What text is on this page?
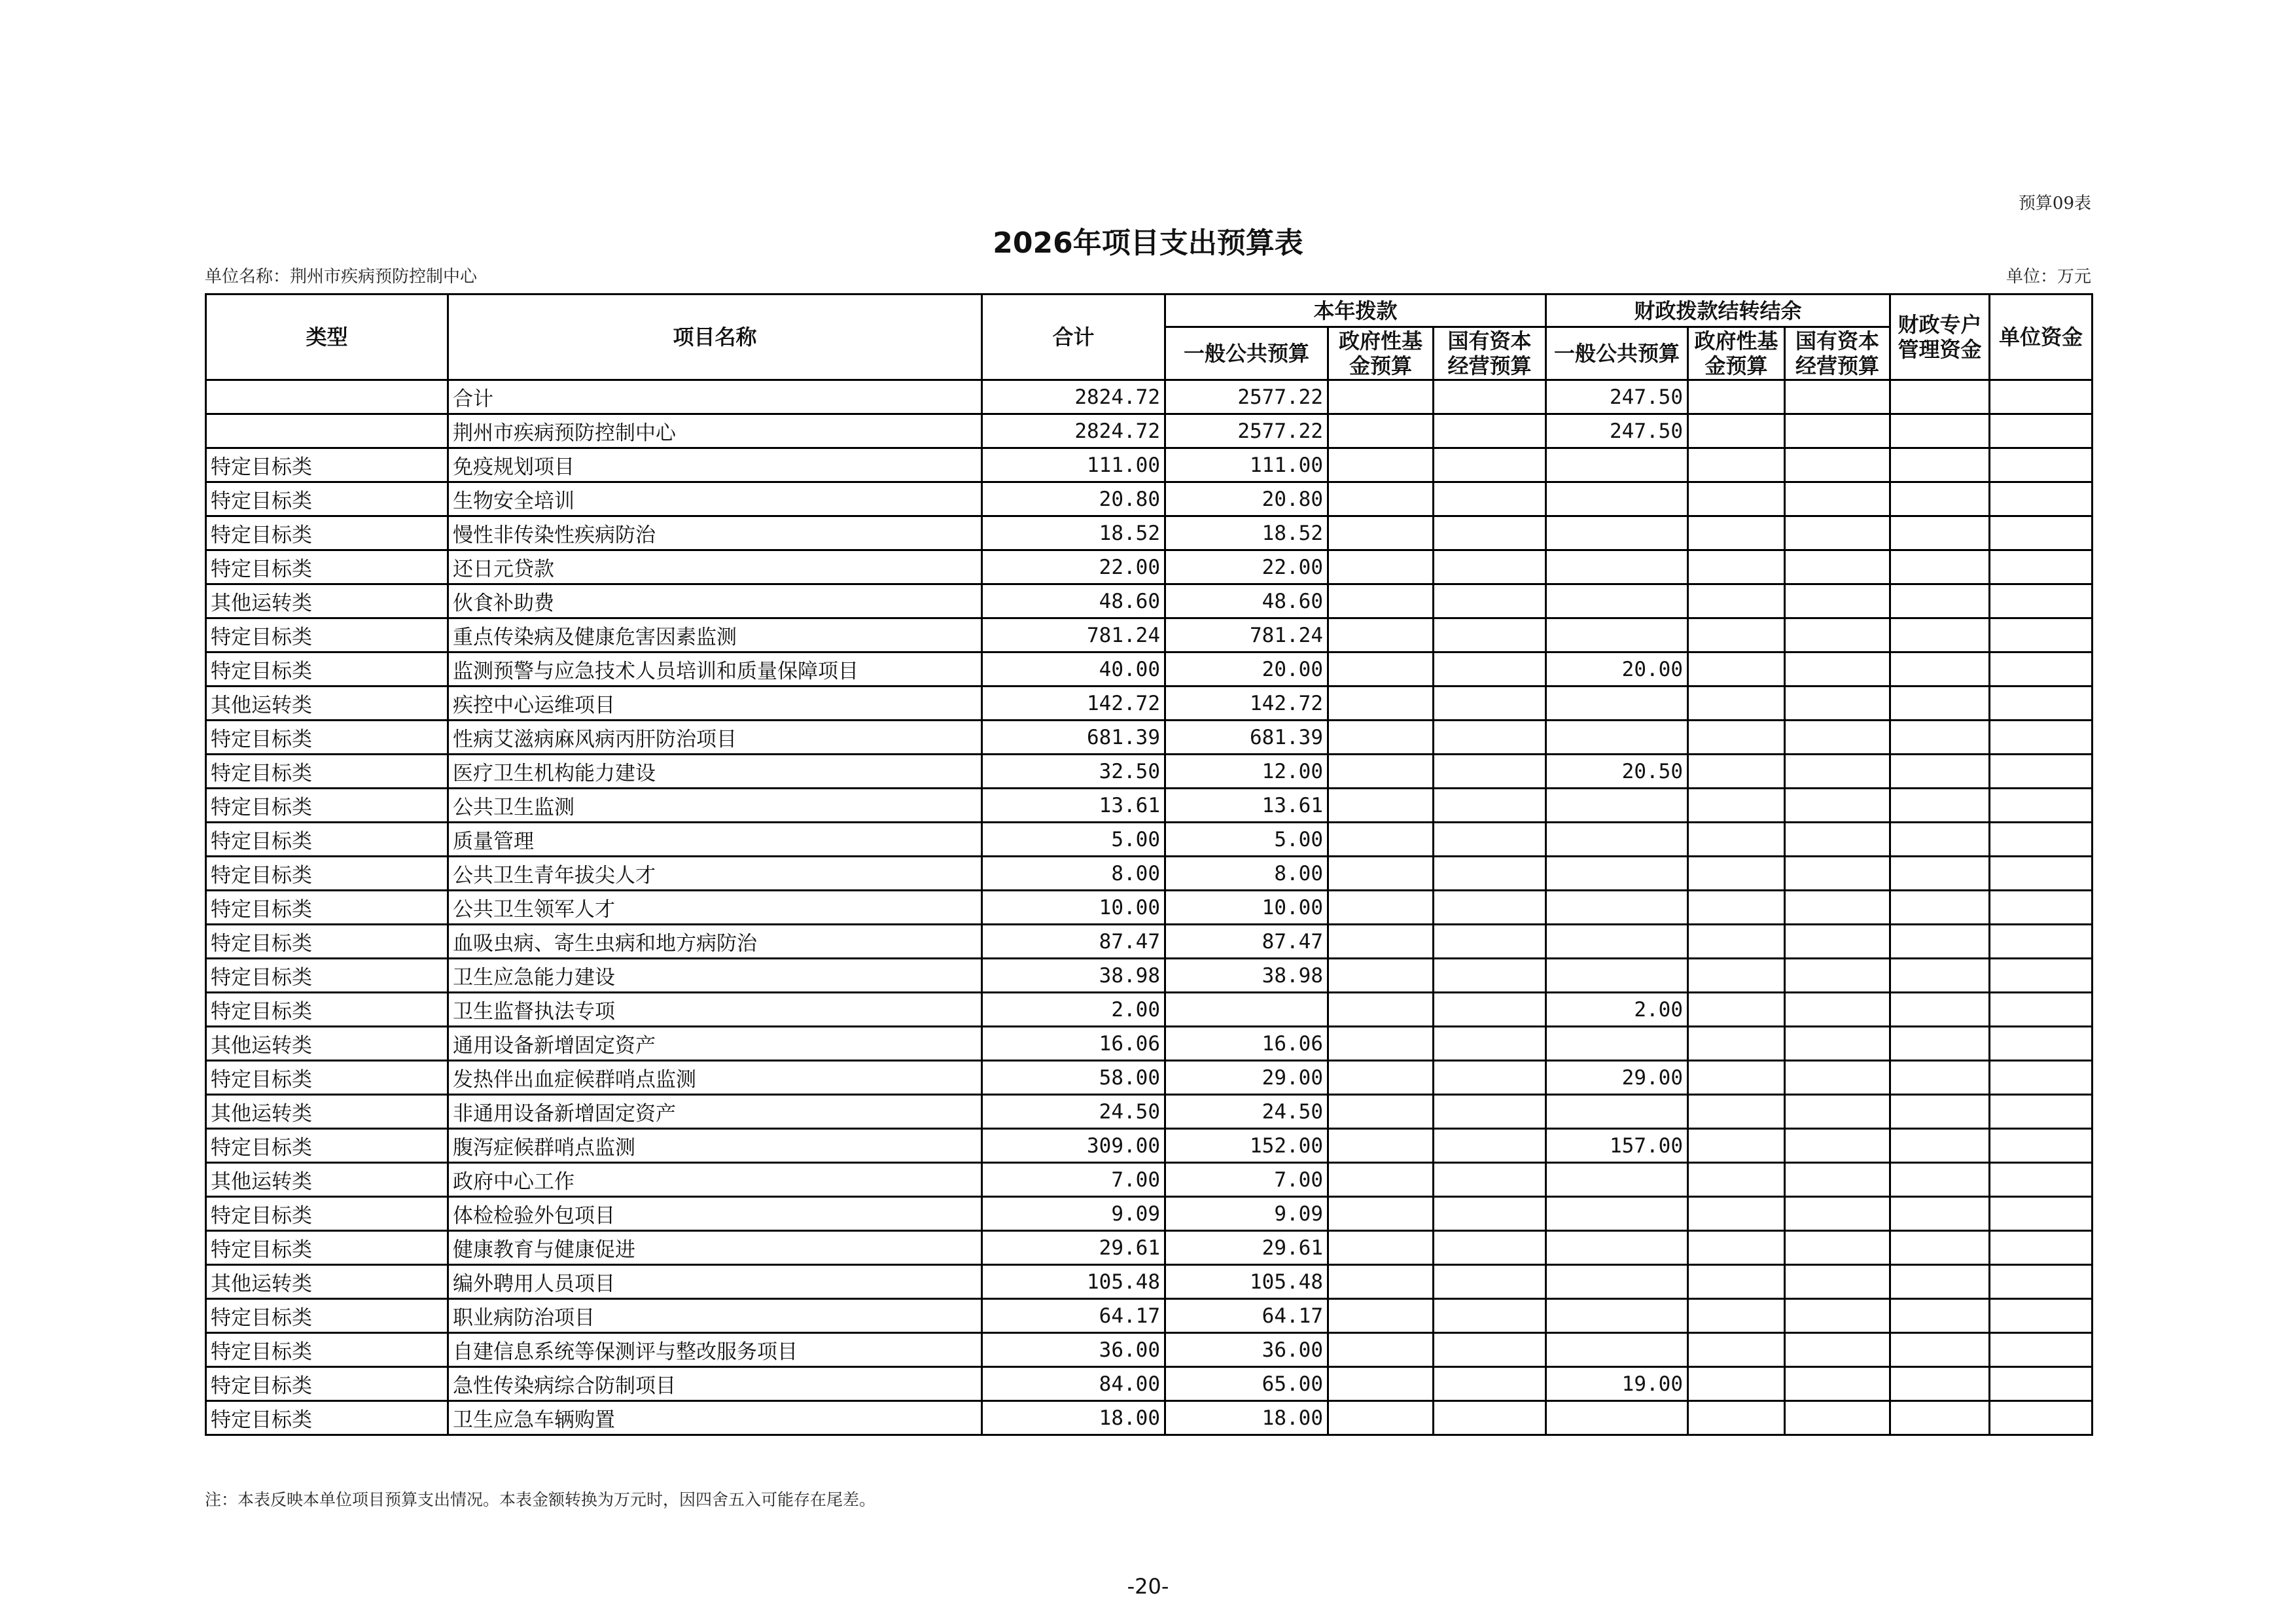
预算09表
2026年项目支出预算表
单位名称：荆州市疾病预防控制中心	单位：万元
类型	项目名称	合计	本年拨款			财政拨款结转结余			财政专户管理资金	单位资金
			一般公共预算	政府性基金预算	国有资本经营预算	一般公共预算	政府性基金预算	国有资本经营预算		
	合计	2824.72	2577.22			247.50				
	荆州市疾病预防控制中心	2824.72	2577.22			247.50				
特定目标类	免疫规划项目	111.00	111.00							
特定目标类	生物安全培训	20.80	20.80							
特定目标类	慢性非传染性疾病防治	18.52	18.52							
特定目标类	还日元贷款	22.00	22.00							
其他运转类	伙食补助费	48.60	48.60							
特定目标类	重点传染病及健康危害因素监测	781.24	781.24							
特定目标类	监测预警与应急技术人员培训和质量保障项目	40.00	20.00			20.00				
其他运转类	疾控中心运维项目	142.72	142.72							
特定目标类	性病艾滋病麻风病丙肝防治项目	681.39	681.39							
特定目标类	医疗卫生机构能力建设	32.50	12.00			20.50				
特定目标类	公共卫生监测	13.61	13.61							
特定目标类	质量管理	5.00	5.00							
特定目标类	公共卫生青年拔尖人才	8.00	8.00							
特定目标类	公共卫生领军人才	10.00	10.00							
特定目标类	血吸虫病、寄生虫病和地方病防治	87.47	87.47							
特定目标类	卫生应急能力建设	38.98	38.98							
特定目标类	卫生监督执法专项	2.00				2.00				
其他运转类	通用设备新增固定资产	16.06	16.06							
特定目标类	发热伴出血症候群哨点监测	58.00	29.00			29.00				
其他运转类	非通用设备新增固定资产	24.50	24.50							
特定目标类	腹泻症候群哨点监测	309.00	152.00			157.00				
其他运转类	政府中心工作	7.00	7.00							
特定目标类	体检检验外包项目	9.09	9.09							
特定目标类	健康教育与健康促进	29.61	29.61							
其他运转类	编外聘用人员项目	105.48	105.48							
特定目标类	职业病防治项目	64.17	64.17							
特定目标类	自建信息系统等保测评与整改服务项目	36.00	36.00							
特定目标类	急性传染病综合防制项目	84.00	65.00			19.00				
特定目标类	卫生应急车辆购置	18.00	18.00							
注：本表反映本单位项目预算支出情况。本表金额转换为万元时，因四舍五入可能存在尾差。
-20-
